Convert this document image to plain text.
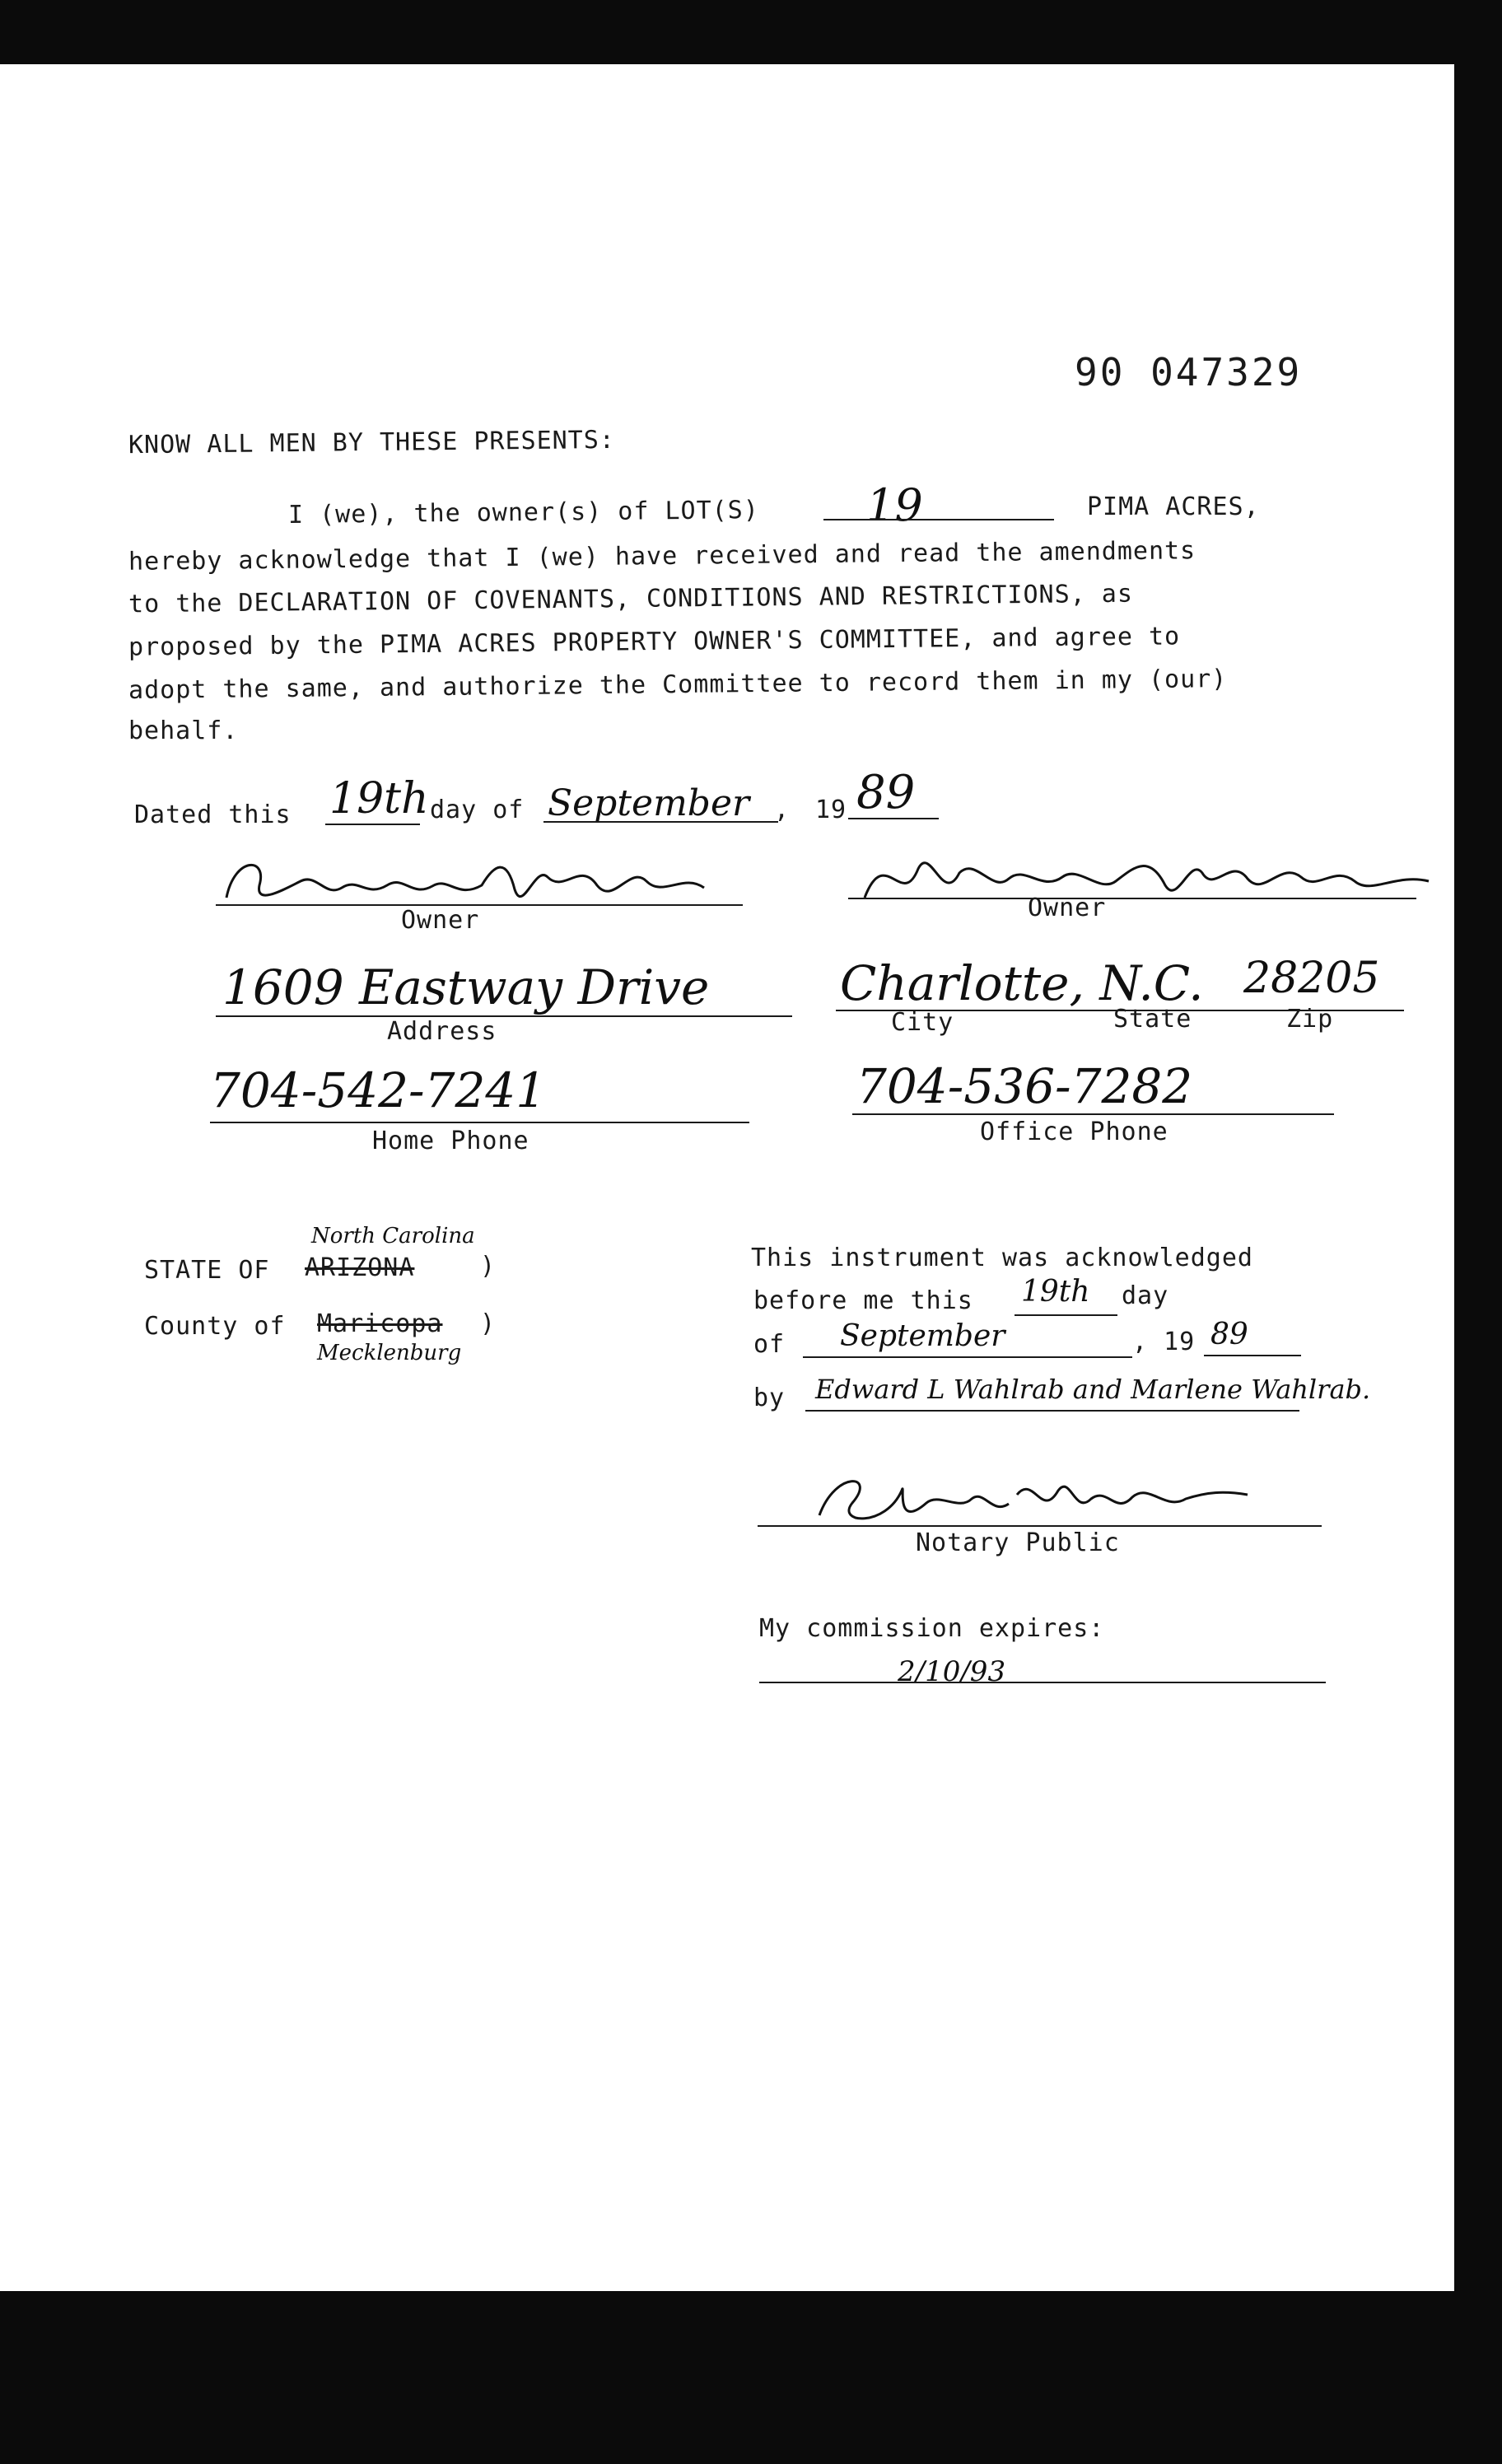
90 047329
KNOW ALL MEN BY THESE PRESENTS:
I (we), the owner(s) of LOT(S) 19	PIMA ACRES,
hereby acknowledge that I (we) have received and read the amendments
to the DECLARATION OF COVENANTS, CONDITIONS AND RESTRICTIONS, as
proposed by the PIMA ACRES PROPERTY OWNER'S COMMITTEE, and agree to
adopt the same, and authorize the Committee to record them in my (our)
behalf.
Dated this 19th day of September , 19 89
Owner	Owner
1609 Eastway Drive
Address
Charlotte, N.C. 28205
City	State	Zip
704-542-7241
Home Phone
704-536-7282
Office Phone
North Carolina
STATE OF ARIZONA	)
County of Maricopa )
Mecklenburg
This instrument was acknowledged
before me this 19th day
of September	, 19 89
by Edward L Wahlrab and Marlene Wahlrab.
Notary Public
My commission expires:
2/10/93
